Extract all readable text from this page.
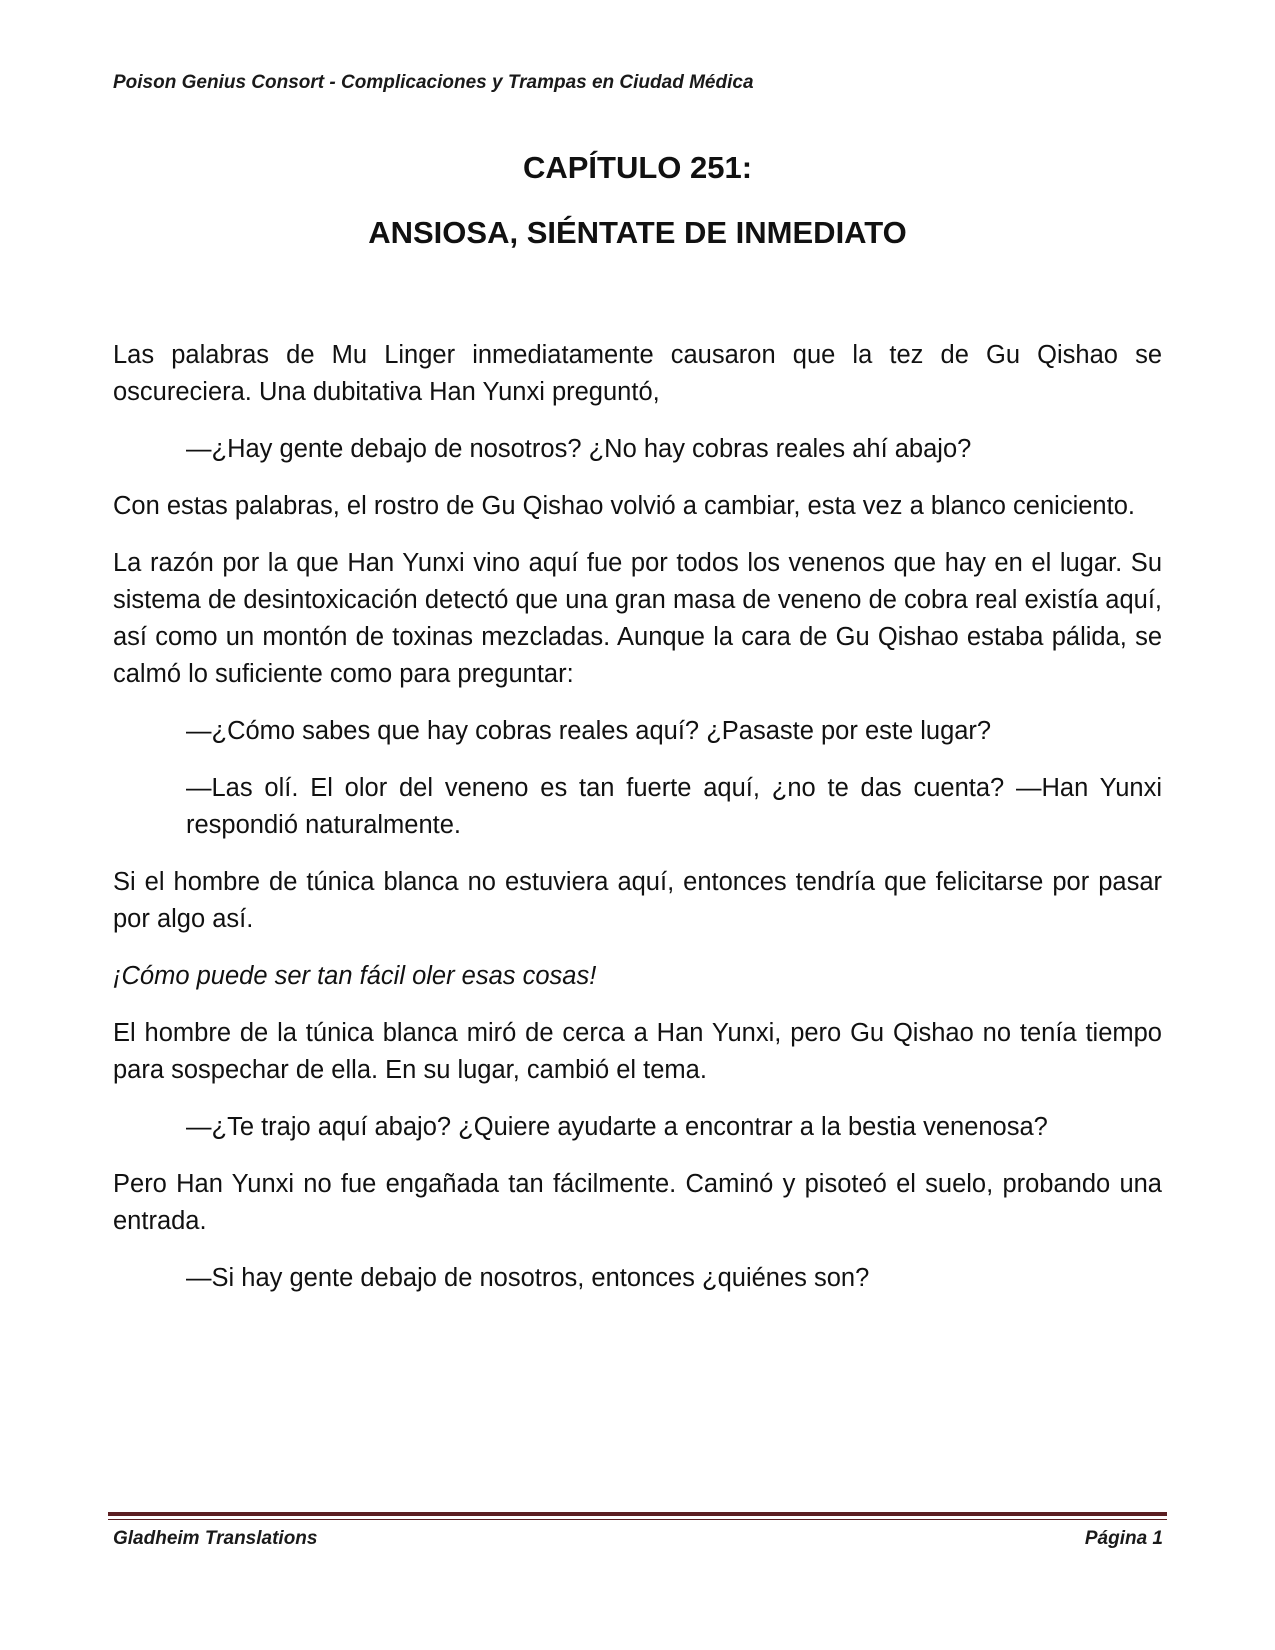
Poison Genius Consort - Complicaciones y Trampas en Ciudad Médica
CAPÍTULO 251:
ANSIOSA, SIÉNTATE DE INMEDIATO

Las palabras de Mu Linger inmediatamente causaron que la tez de Gu Qishao se oscureciera. Una dubitativa Han Yunxi preguntó,

—¿Hay gente debajo de nosotros? ¿No hay cobras reales ahí abajo?

Con estas palabras, el rostro de Gu Qishao volvió a cambiar, esta vez a blanco ceniciento.

La razón por la que Han Yunxi vino aquí fue por todos los venenos que hay en el lugar. Su sistema de desintoxicación detectó que una gran masa de veneno de cobra real existía aquí, así como un montón de toxinas mezcladas. Aunque la cara de Gu Qishao estaba pálida, se calmó lo suficiente como para preguntar:

—¿Cómo sabes que hay cobras reales aquí? ¿Pasaste por este lugar?

—Las olí. El olor del veneno es tan fuerte aquí, ¿no te das cuenta? —Han Yunxi respondió naturalmente.

Si el hombre de túnica blanca no estuviera aquí, entonces tendría que felicitarse por pasar por algo así.

¡Cómo puede ser tan fácil oler esas cosas!

El hombre de la túnica blanca miró de cerca a Han Yunxi, pero Gu Qishao no tenía tiempo para sospechar de ella. En su lugar, cambió el tema.

—¿Te trajo aquí abajo? ¿Quiere ayudarte a encontrar a la bestia venenosa?

Pero Han Yunxi no fue engañada tan fácilmente. Caminó y pisoteó el suelo, probando una entrada.

—Si hay gente debajo de nosotros, entonces ¿quiénes son?

Gladheim Translations	Página 1
